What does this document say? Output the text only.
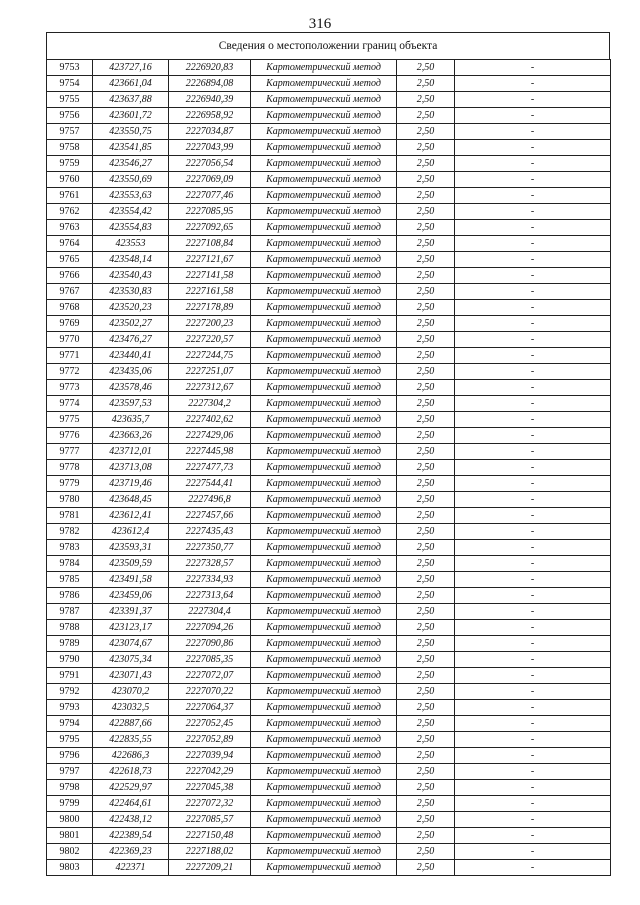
316
Сведения о местоположении границ объекта
9753	423727,16	2226920,83	Картометрический метод	2,50	-
9754	423661,04	2226894,08	Картометрический метод	2,50	-
9755	423637,88	2226940,39	Картометрический метод	2,50	-
9756	423601,72	2226958,92	Картометрический метод	2,50	-
9757	423550,75	2227034,87	Картометрический метод	2,50	-
9758	423541,85	2227043,99	Картометрический метод	2,50	-
9759	423546,27	2227056,54	Картометрический метод	2,50	-
9760	423550,69	2227069,09	Картометрический метод	2,50	-
9761	423553,63	2227077,46	Картометрический метод	2,50	-
9762	423554,42	2227085,95	Картометрический метод	2,50	-
9763	423554,83	2227092,65	Картометрический метод	2,50	-
9764	423553	2227108,84	Картометрический метод	2,50	-
9765	423548,14	2227121,67	Картометрический метод	2,50	-
9766	423540,43	2227141,58	Картометрический метод	2,50	-
9767	423530,83	2227161,58	Картометрический метод	2,50	-
9768	423520,23	2227178,89	Картометрический метод	2,50	-
9769	423502,27	2227200,23	Картометрический метод	2,50	-
9770	423476,27	2227220,57	Картометрический метод	2,50	-
9771	423440,41	2227244,75	Картометрический метод	2,50	-
9772	423435,06	2227251,07	Картометрический метод	2,50	-
9773	423578,46	2227312,67	Картометрический метод	2,50	-
9774	423597,53	2227304,2	Картометрический метод	2,50	-
9775	423635,7	2227402,62	Картометрический метод	2,50	-
9776	423663,26	2227429,06	Картометрический метод	2,50	-
9777	423712,01	2227445,98	Картометрический метод	2,50	-
9778	423713,08	2227477,73	Картометрический метод	2,50	-
9779	423719,46	2227544,41	Картометрический метод	2,50	-
9780	423648,45	2227496,8	Картометрический метод	2,50	-
9781	423612,41	2227457,66	Картометрический метод	2,50	-
9782	423612,4	2227435,43	Картометрический метод	2,50	-
9783	423593,31	2227350,77	Картометрический метод	2,50	-
9784	423509,59	2227328,57	Картометрический метод	2,50	-
9785	423491,58	2227334,93	Картометрический метод	2,50	-
9786	423459,06	2227313,64	Картометрический метод	2,50	-
9787	423391,37	2227304,4	Картометрический метод	2,50	-
9788	423123,17	2227094,26	Картометрический метод	2,50	-
9789	423074,67	2227090,86	Картометрический метод	2,50	-
9790	423075,34	2227085,35	Картометрический метод	2,50	-
9791	423071,43	2227072,07	Картометрический метод	2,50	-
9792	423070,2	2227070,22	Картометрический метод	2,50	-
9793	423032,5	2227064,37	Картометрический метод	2,50	-
9794	422887,66	2227052,45	Картометрический метод	2,50	-
9795	422835,55	2227052,89	Картометрический метод	2,50	-
9796	422686,3	2227039,94	Картометрический метод	2,50	-
9797	422618,73	2227042,29	Картометрический метод	2,50	-
9798	422529,97	2227045,38	Картометрический метод	2,50	-
9799	422464,61	2227072,32	Картометрический метод	2,50	-
9800	422438,12	2227085,57	Картометрический метод	2,50	-
9801	422389,54	2227150,48	Картометрический метод	2,50	-
9802	422369,23	2227188,02	Картометрический метод	2,50	-
9803	422371	2227209,21	Картометрический метод	2,50	-
